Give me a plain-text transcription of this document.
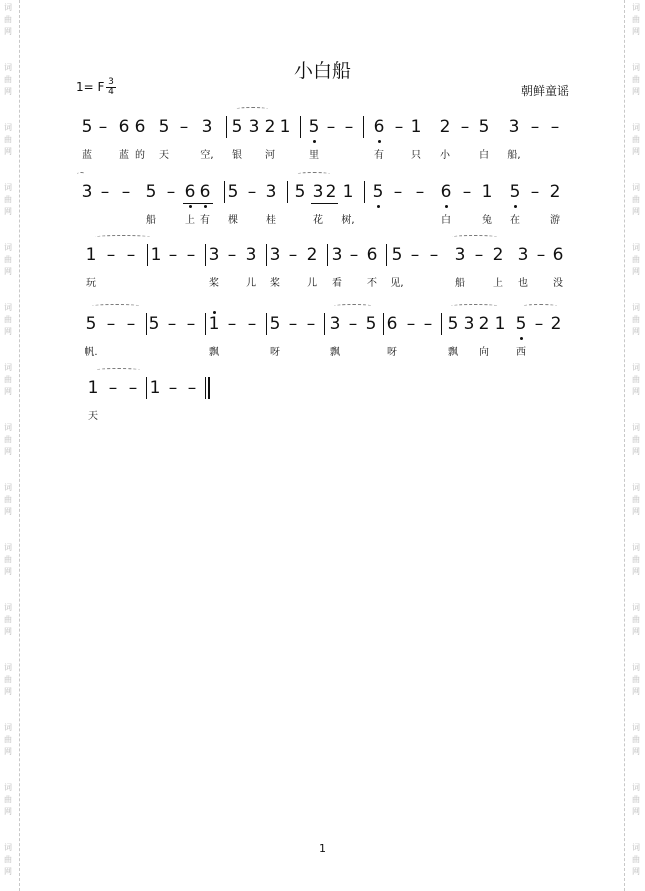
词
曲
网
词
曲
网
词
曲
网
词
曲
网
词
曲
网
词
曲
网
词
曲
网
词
曲
网
词
曲
网
词
曲
网
词
曲
网
词
曲
网
词
曲
网
词
曲
网
词
曲
网
词
曲
网
词
曲
网
词
曲
网
词
曲
网
词
曲
网
词
曲
网
词
曲
网
词
曲
网
词
曲
网
词
曲
网
词
曲
网
词
曲
网
词
曲
网
词
曲
网
词
曲
网
小白船
1= F $\frac{3}{4}$	朝鲜童谣
5
蓝
– 6
蓝
6
的
5
天
– 3
空,
5
银
3 2
河
1 5
里
– – 6
有
– 1
只
2
小
– 5
白
3
船,
– –
3 – – 5
船
– 6
上
6
有
5
棵
– 3
桂
5 3
花
2 1
树,
5 – – 6
白
– 1
兔
5
在
– 2
游
1
玩
– – 1 – – 3
桨
– 3
儿
3
桨
– 2
儿
3
看
– 6
不
5
见,
– – 3
船
– 2
上
3
也
– 6
没
5
帆.
– – 5 – – 1
飘
– – 5
呀
– – 3
飘
– 5 6
呀
– – 5
飘
3 2
向
1 5
西
– 2
1
天
– – 1 – –
1
